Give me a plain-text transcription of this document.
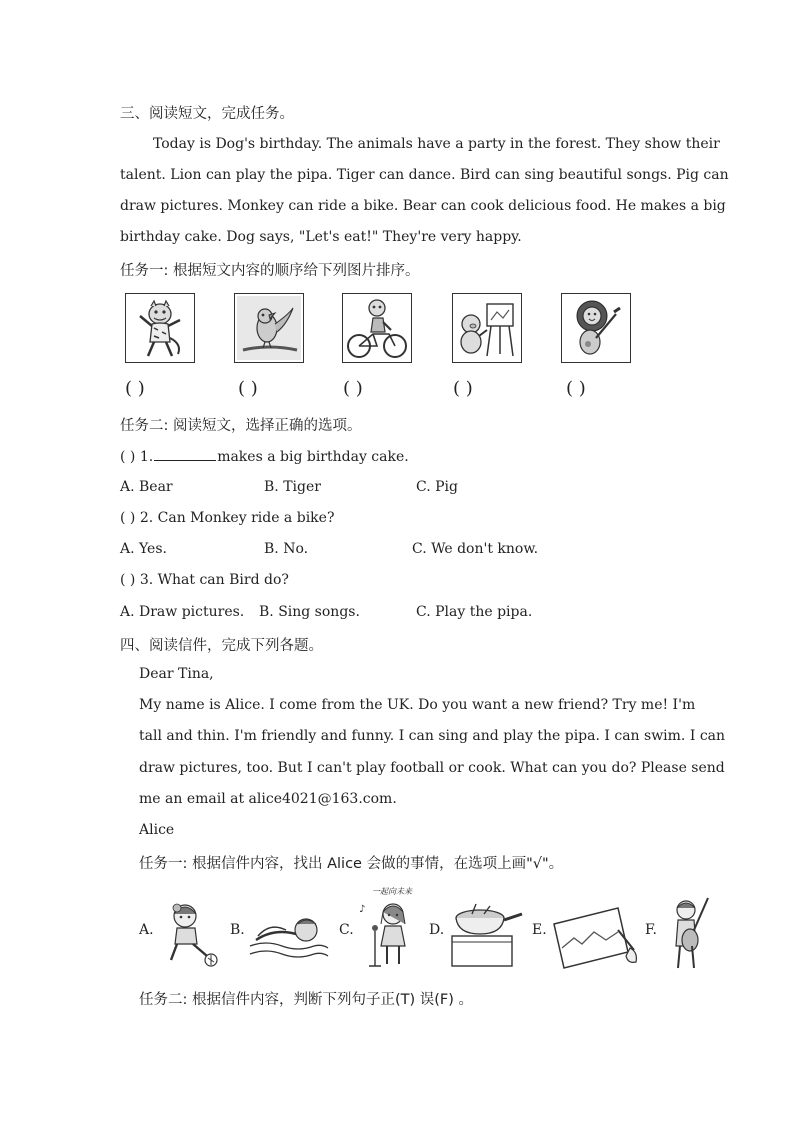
三、阅读短文，完成任务。
Today is Dog's birthday. The animals have a party in the forest. They show their
talent. Lion can play the pipa. Tiger can dance. Bird can sing beautiful songs. Pig can
draw pictures. Monkey can ride a bike. Bear can cook delicious food. He makes a big
birthday cake. Dog says, "Let's eat!" They're very happy.
任务一: 根据短文内容的顺序给下列图片排序。
( )	( )	( )	( )	( )
任务二: 阅读短文，选择正确的选项。
( ) 1.	makes a big birthday cake.
A. Bear	B. Tiger	C. Pig
( ) 2. Can Monkey ride a bike?
A. Yes.	B. No.	C. We don't know.
( ) 3. What can Bird do?
A. Draw pictures. B. Sing songs.	C. Play the pipa.
四、阅读信件，完成下列各题。
Dear Tina,
My name is Alice. I come from the UK. Do you want a new friend? Try me! I'm
tall and thin. I'm friendly and funny. I can sing and play the pipa. I can swim. I can
draw pictures, too. But I can't play football or cook. What can you do? Please send
me an email at alice4021@163.com.
Alice
任务一: 根据信件内容，找出 Alice 会做的事情，在选项上画"√"。
A.	B.	C.
一起向未来
♪
D.	E.	F.
任务二: 根据信件内容，判断下列句子正(T) 误(F) 。
